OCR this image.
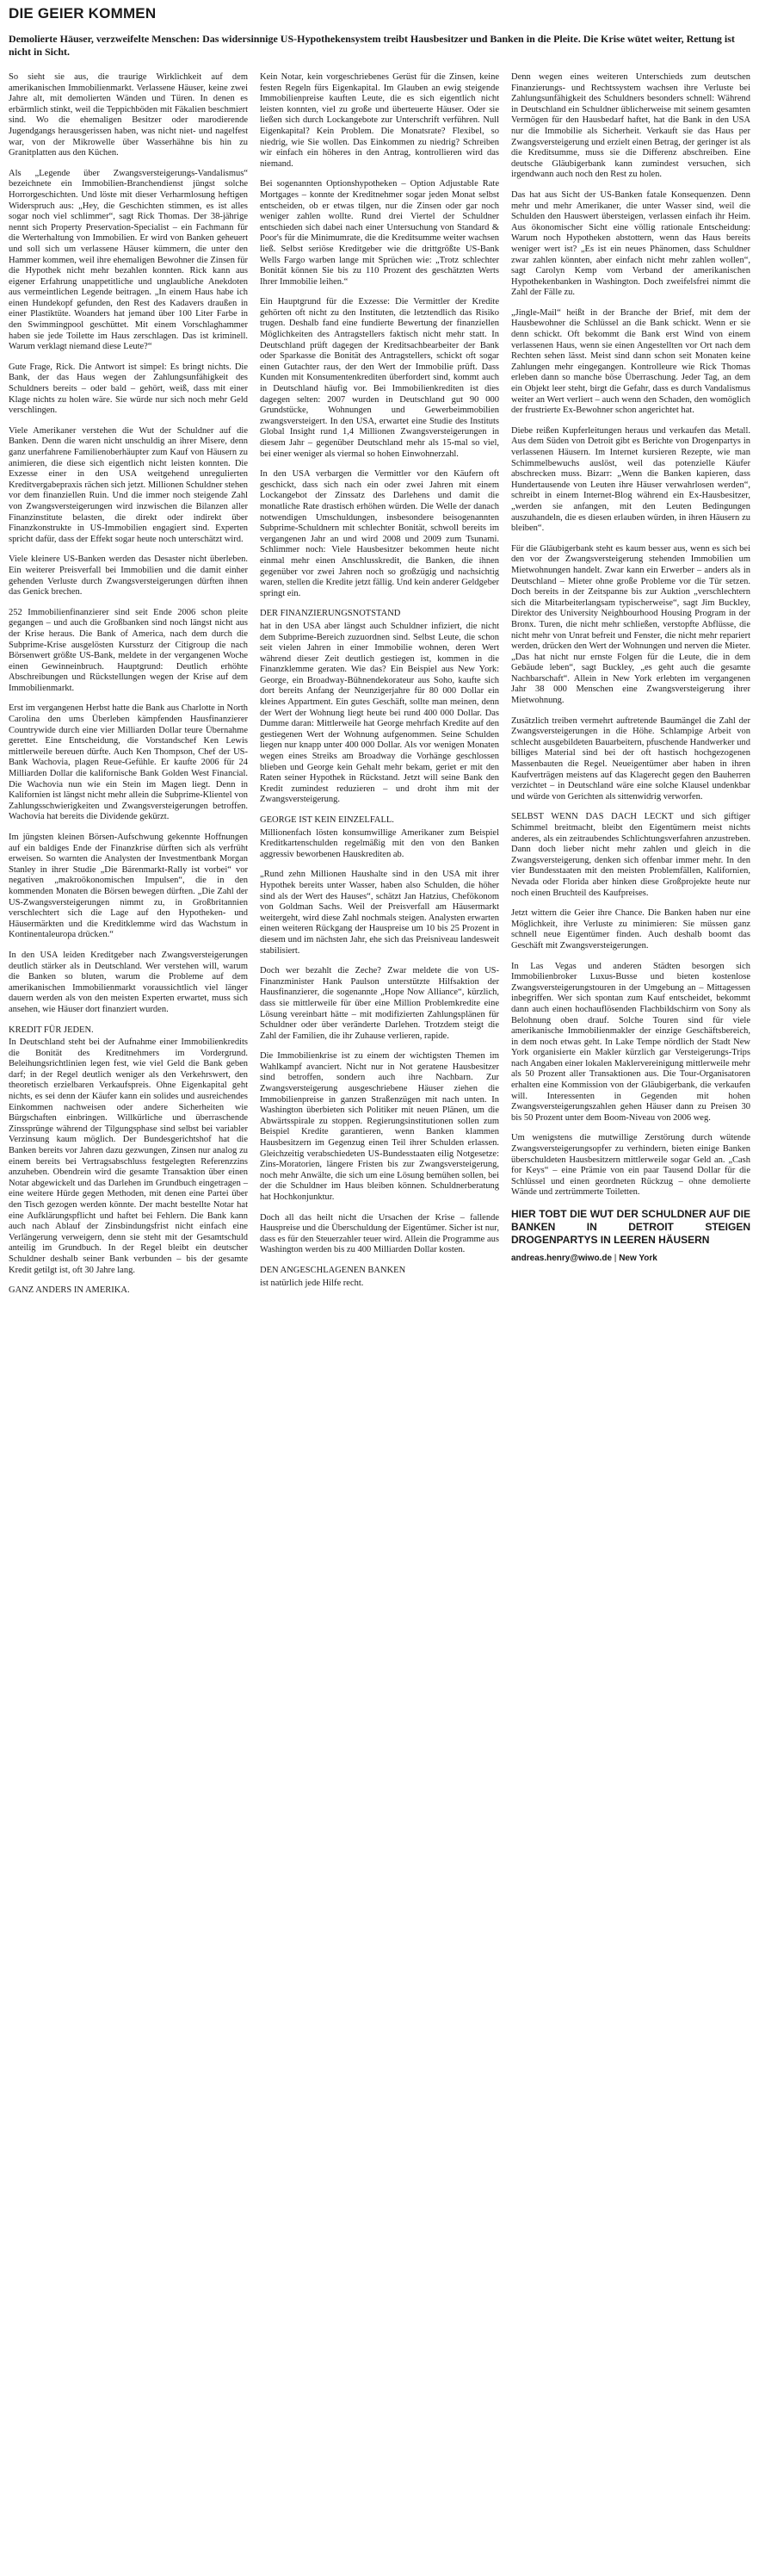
DIE GEIER KOMMEN
Demolierte Häuser, verzweifelte Menschen: Das widersinnige US-Hypothekensystem treibt Hausbesitzer und Banken in die Pleite. Die Krise wütet weiter, Rettung ist nicht in Sicht.

So sieht sie aus, die traurige Wirklichkeit auf dem amerikanischen Immobilienmarkt. Verlassene Häuser, keine zwei Jahre alt, mit demolierten Wänden und Türen. In denen es erbärmlich stinkt, weil die Teppichböden mit Fäkalien beschmiert sind. Wo die ehemaligen Besitzer oder marodierende Jugendgangs herausgerissen haben, was nicht niet- und nagelfest war, von der Mikrowelle über Wasserhähne bis hin zu Granitplatten aus den Küchen.

Als „Legende über Zwangsversteigerungs-Vandalismus“ bezeichnete ein Immobilien-Branchendienst jüngst solche Horrorgeschichten. Und löste mit dieser Verharmlosung heftigen Widerspruch aus: „Hey, die Geschichten stimmen, es ist alles sogar noch viel schlimmer“, sagt Rick Thomas. Der 38-jährige nennt sich Property Preservation-Specialist – ein Fachmann für die Werterhaltung von Immobilien. Er wird von Banken geheuert und soll sich um verlassene Häuser kümmern, die unter den Hammer kommen, weil ihre ehemaligen Bewohner die Zinsen für die Hypothek nicht mehr bezahlen konnten. Rick kann aus eigener Erfahrung unappetitliche und unglaubliche Anekdoten aus vermeintlichen Legende beitragen. „In einem Haus habe ich einen Hundekopf gefunden, den Rest des Kadavers draußen in einer Plastiktüte. Woanders hat jemand über 100 Liter Farbe in den Swimmingpool geschüttet. Mit einem Vorschlaghammer haben sie jede Toilette im Haus zerschlagen. Das ist kriminell. Warum verklagt niemand diese Leute?“

Gute Frage, Rick. Die Antwort ist simpel: Es bringt nichts. Die Bank, der das Haus wegen der Zahlungsunfähigkeit des Schuldners bereits – oder bald – gehört, weiß, dass mit einer Klage nichts zu holen wäre. Sie würde nur sich noch mehr Geld verschlingen.

Viele Amerikaner verstehen die Wut der Schuldner auf die Banken. Denn die waren nicht unschuldig an ihrer Misere, denn ganz unerfahrene Familienoberhäupter zum Kauf von Häusern zu animieren, die diese sich eigentlich nicht leisten konnten. Die Exzesse einer in den USA weitgehend unregulierten Kreditvergabepraxis rächen sich jetzt. Millionen Schuldner stehen vor dem finanziellen Ruin. Und die immer noch steigende Zahl von Zwangsversteigerungen wird inzwischen die Bilanzen aller Finanzinstitute belasten, die direkt oder indirekt über Finanzkonstrukte in US-Immobilien engagiert sind. Experten spricht dafür, dass der Effekt sogar heute noch unterschätzt wird.

Viele kleinere US-Banken werden das Desaster nicht überleben. Ein weiterer Preisverfall bei Immobilien und die damit einher gehenden Verluste durch Zwangsversteigerungen dürften ihnen das Genick brechen.

252 Immobilienfinanzierer sind seit Ende 2006 schon pleite gegangen – und auch die Großbanken sind noch längst nicht aus der Krise heraus. Die Bank of America, nach dem durch die Subprime-Krise ausgelösten Kurssturz der Citigroup die nach Börsenwert größte US-Bank, meldete in der vergangenen Woche einen Gewinneinbruch. Hauptgrund: Deutlich erhöhte Abschreibungen und Rückstellungen wegen der Krise auf dem Immobilienmarkt.

Erst im vergangenen Herbst hatte die Bank aus Charlotte in North Carolina den ums Überleben kämpfenden Hausfinanzierer Countrywide durch eine vier Milliarden Dollar teure Übernahme gerettet. Eine Entscheidung, die Vorstandschef Ken Lewis mittlerweile bereuen dürfte. Auch Ken Thompson, Chef der US-Bank Wachovia, plagen Reue-Gefühle. Er kaufte 2006 für 24 Milliarden Dollar die kalifornische Bank Golden West Financial. Die Wachovia nun wie ein Stein im Magen liegt. Denn in Kalifornien ist längst nicht mehr allein die Subprime-Klientel von Zahlungsschwierigkeiten und Zwangsversteigerungen betroffen. Wachovia hat bereits die Dividende gekürzt.

Im jüngsten kleinen Börsen-Aufschwung gekennte Hoffnungen auf ein baldiges Ende der Finanzkrise dürften sich als verfrüht erweisen. So warnten die Analysten der Investmentbank Morgan Stanley in ihrer Studie „Die Bärenmarkt-Rally ist vorbei“ vor negativen „makroökonomischen Impulsen“, die in den kommenden Monaten die Börsen bewegen dürften. „Die Zahl der US-Zwangsversteigerungen nimmt zu, in Großbritannien verschlechtert sich die Lage auf den Hypotheken- und Häusermärkten und die Kreditklemme wird das Wachstum in Kontinentaleuropa drücken.“

In den USA leiden Kreditgeber nach Zwangsversteigerungen deutlich stärker als in Deutschland. Wer verstehen will, warum die Banken so bluten, warum die Probleme auf dem amerikanischen Immobilienmarkt voraussichtlich viel länger dauern werden als von den meisten Experten erwartet, muss sich ansehen, wie Häuser dort finanziert wurden.

KREDIT FÜR JEDEN.

In Deutschland steht bei der Aufnahme einer Immobilienkredits die Bonität des Kreditnehmers im Vordergrund. Beleihungsrichtlinien legen fest, wie viel Geld die Bank geben darf; in der Regel deutlich weniger als den Verkehrswert, den theoretisch erzielbaren Verkaufspreis. Ohne Eigenkapital geht nichts, es sei denn der Käufer kann ein solides und ausreichendes Einkommen nachweisen oder andere Sicherheiten wie Bürgschaften einbringen. Willkürliche und überraschende Zinssprünge während der Tilgungsphase sind selbst bei variabler Verzinsung kaum möglich. Der Bundesgerichtshof hat die Banken bereits vor Jahren dazu gezwungen, Zinsen nur analog zu einem bereits bei Vertragsabschluss festgelegten Referenzzins anzuheben. Obendrein wird die gesamte Transaktion über einen Notar abgewickelt und das Darlehen im Grundbuch eingetragen – eine weitere Hürde gegen Methoden, mit denen eine Partei über den Tisch gezogen werden könnte. Der macht bestellte Notar hat eine Aufklärungspflicht und haftet bei Fehlern. Die Bank kann auch nach Ablauf der Zinsbindungsfrist nicht einfach eine Verlängerung verweigern, denn sie steht mit der Gesamtschuld anteilig im Grundbuch. In der Regel bleibt ein deutscher Schuldner deshalb seiner Bank verbunden – bis der gesamte Kredit getilgt ist, oft 30 Jahre lang.

GANZ ANDERS IN AMERIKA.

Kein Notar, kein vorgeschriebenes Gerüst für die Zinsen, keine festen Regeln fürs Eigenkapital. Im Glauben an ewig steigende Immobilienpreise kauften Leute, die es sich eigentlich nicht leisten konnten, viel zu große und überteuerte Häuser. Oder sie ließen sich durch Lockangebote zur Unterschrift verführen. Null Eigenkapital? Kein Problem. Die Monatsrate? Flexibel, so niedrig, wie Sie wollen. Das Einkommen zu niedrig? Schreiben wir einfach ein höheres in den Antrag, kontrollieren wird das niemand.

Bei sogenannten Optionshypotheken – Option Adjustable Rate Mortgages – konnte der Kreditnehmer sogar jeden Monat selbst entscheiden, ob er etwas tilgen, nur die Zinsen oder gar noch weniger zahlen wollte. Rund drei Viertel der Schuldner entschieden sich dabei nach einer Untersuchung von Standard & Poor's für die Minimumrate, die die Kreditsumme weiter wachsen ließ. Selbst seriöse Kreditgeber wie die drittgrößte US-Bank Wells Fargo warben lange mit Sprüchen wie: „Trotz schlechter Bonität können Sie bis zu 110 Prozent des geschätzten Werts Ihrer Immobilie leihen.“

Ein Hauptgrund für die Exzesse: Die Vermittler der Kredite gehörten oft nicht zu den Instituten, die letztendlich das Risiko trugen. Deshalb fand eine fundierte Bewertung der finanziellen Möglichkeiten des Antragstellers faktisch nicht mehr statt. In Deutschland prüft dagegen der Kreditsachbearbeiter der Bank oder Sparkasse die Bonität des Antragstellers, schickt oft sogar einen Gutachter raus, der den Wert der Immobilie prüft. Dass Kunden mit Konsumentenkrediten überfordert sind, kommt auch in Deutschland häufig vor. Bei Immobilienkrediten ist dies dagegen selten: 2007 wurden in Deutschland gut 90 000 Grundstücke, Wohnungen und Gewerbeimmobilien zwangsversteigert. In den USA, erwartet eine Studie des Instituts Global Insight rund 1,4 Millionen Zwangsversteigerungen in diesem Jahr – gegenüber Deutschland mehr als 15-mal so viel, bei einer weniger als viermal so hohen Einwohnerzahl.

In den USA verbargen die Vermittler vor den Käufern oft geschickt, dass sich nach ein oder zwei Jahren mit einem Lockangebot der Zinssatz des Darlehens und damit die monatliche Rate drastisch erhöhen würden. Die Welle der danach notwendigen Umschuldungen, insbesondere beisogenannten Subprime-Schuldnern mit schlechter Bonität, schwoll bereits im vergangenen Jahr an und wird 2008 und 2009 zum Tsunami. Schlimmer noch: Viele Hausbesitzer bekommen heute nicht einmal mehr einen Anschlusskredit, die Banken, die ihnen gegenüber vor zwei Jahren noch so großzügig und nachsichtig waren, stellen die Kredite jetzt fällig. Und kein anderer Geldgeber springt ein.

DER FINANZIERUNGSNOTSTAND

hat in den USA aber längst auch Schuldner infiziert, die nicht dem Subprime-Bereich zuzuordnen sind. Selbst Leute, die schon seit vielen Jahren in einer Immobilie wohnen, deren Wert während dieser Zeit deutlich gestiegen ist, kommen in die Finanzklemme geraten. Wie das? Ein Beispiel aus New York: George, ein Broadway-Bühnendekorateur aus Soho, kaufte sich dort bereits Anfang der Neunzigerjahre für 80 000 Dollar ein kleines Appartment. Ein gutes Geschäft, sollte man meinen, denn der Wert der Wohnung liegt heute bei rund 400 000 Dollar. Das Dumme daran: Mittlerweile hat George mehrfach Kredite auf den gestiegenen Wert der Wohnung aufgenommen. Seine Schulden liegen nur knapp unter 400 000 Dollar. Als vor wenigen Monaten wegen eines Streiks am Broadway die Vorhänge geschlossen blieben und George kein Gehalt mehr bekam, geriet er mit den Raten seiner Hypothek in Rückstand. Jetzt will seine Bank den Kredit zumindest reduzieren – und droht ihm mit der Zwangsversteigerung.

GEORGE IST KEIN EINZELFALL.

Millionenfach lösten konsumwillige Amerikaner zum Beispiel Kreditkartenschulden regelmäßig mit den von den Banken aggressiv beworbenen Hauskrediten ab.

„Rund zehn Millionen Haushalte sind in den USA mit ihrer Hypothek bereits unter Wasser, haben also Schulden, die höher sind als der Wert des Hauses“, schätzt Jan Hatzius, Chefökonom von Goldman Sachs. Weil der Preisverfall am Häusermarkt weitergeht, wird diese Zahl nochmals steigen. Analysten erwarten einen weiteren Rückgang der Hauspreise um 10 bis 25 Prozent in diesem und im nächsten Jahr, ehe sich das Preisniveau landesweit stabilisiert.

Doch wer bezahlt die Zeche? Zwar meldete die von US-Finanzminister Hank Paulson unterstützte Hilfsaktion der Hausfinanzierer, die sogenannte „Hope Now Alliance“, kürzlich, dass sie mittlerweile für über eine Million Problemkredite eine Lösung vereinbart hätte – mit modifizierten Zahlungsplänen für Schuldner oder über veränderte Darlehen. Trotzdem steigt die Zahl der Familien, die ihr Zuhause verlieren, rapide.

Die Immobilienkrise ist zu einem der wichtigsten Themen im Wahlkampf avanciert. Nicht nur in Not geratene Hausbesitzer sind betroffen, sondern auch ihre Nachbarn. Zur Zwangsversteigerung ausgeschriebene Häuser ziehen die Immobilienpreise in ganzen Straßenzügen mit nach unten. In Washington überbieten sich Politiker mit neuen Plänen, um die Abwärtsspirale zu stoppen. Regierungsinstitutionen sollen zum Beispiel Kredite garantieren, wenn Banken klammen Hausbesitzern im Gegenzug einen Teil ihrer Schulden erlassen. Gleichzeitig verabschiedeten US-Bundesstaaten eilig Notgesetze: Zins-Moratorien, längere Fristen bis zur Zwangsversteigerung, noch mehr Anwälte, die sich um eine Lösung bemühen sollen, bei der die Schuldner im Haus bleiben können. Schuldnerberatung hat Hochkonjunktur.

Doch all das heilt nicht die Ursachen der Krise – fallende Hauspreise und die Überschuldung der Eigentümer. Sicher ist nur, dass es für den Steuerzahler teuer wird. Allein die Programme aus Washington werden bis zu 400 Milliarden Dollar kosten.

DEN ANGESCHLAGENEN BANKEN

ist natürlich jede Hilfe recht.

Denn wegen eines weiteren Unterschieds zum deutschen Finanzierungs- und Rechtssystem wachsen ihre Verluste bei Zahlungsunfähigkeit des Schuldners besonders schnell: Während in Deutschland ein Schuldner üblicherweise mit seinem gesamten Vermögen für den Hausbedarf haftet, hat die Bank in den USA nur die Immobilie als Sicherheit. Verkauft sie das Haus per Zwangsversteigerung und erzielt einen Betrag, der geringer ist als die Kreditsumme, muss sie die Differenz abschreiben. Eine deutsche Gläubigerbank kann zumindest versuchen, sich irgendwann auch noch den Rest zu holen.

Das hat aus Sicht der US-Banken fatale Konsequenzen. Denn mehr und mehr Amerikaner, die unter Wasser sind, weil die Schulden den Hauswert übersteigen, verlassen einfach ihr Heim. Aus ökonomischer Sicht eine völlig rationale Entscheidung: Warum noch Hypotheken abstottern, wenn das Haus bereits weniger wert ist? „Es ist ein neues Phänomen, dass Schuldner zwar zahlen könnten, aber einfach nicht mehr zahlen wollen“, sagt Carolyn Kemp vom Verband der amerikanischen Hypothekenbanken in Washington. Doch zweifelsfrei nimmt die Zahl der Fälle zu.

„Jingle-Mail“ heißt in der Branche der Brief, mit dem der Hausbewohner die Schlüssel an die Bank schickt. Wenn er sie denn schickt. Oft bekommt die Bank erst Wind von einem verlassenen Haus, wenn sie einen Angestellten vor Ort nach dem Rechten sehen lässt. Meist sind dann schon seit Monaten keine Zahlungen mehr eingegangen. Kontrolleure wie Rick Thomas erleben dann so manche böse Überraschung. Jeder Tag, an dem ein Objekt leer steht, birgt die Gefahr, dass es durch Vandalismus weiter an Wert verliert – auch wenn den Schaden, den womöglich der frustrierte Ex-Bewohner schon angerichtet hat.

Diebe reißen Kupferleitungen heraus und verkaufen das Metall. Aus dem Süden von Detroit gibt es Berichte von Drogenpartys in verlassenen Häusern. Im Internet kursieren Rezepte, wie man Schimmelbewuchs auslöst, weil das potenzielle Käufer abschrecken muss. Bizarr: „Wenn die Banken kapieren, dass Hundertausende von Leuten ihre Häuser verwahrlosen werden“, schreibt in einem Internet-Blog während ein Ex-Hausbesitzer, „werden sie anfangen, mit den Leuten Bedingungen auszuhandeln, die es diesen erlauben würden, in ihren Häusern zu bleiben“.

Für die Gläubigerbank steht es kaum besser aus, wenn es sich bei den vor der Zwangsversteigerung stehenden Immobilien um Mietwohnungen handelt. Zwar kann ein Erwerber – anders als in Deutschland – Mieter ohne große Probleme vor die Tür setzen. Doch bereits in der Zeitspanne bis zur Auktion „verschlechtern sich die Mitarbeiterlangsam typischerweise“, sagt Jim Buckley, Direktor des University Neighbourhood Housing Program in der Bronx. Turen, die nicht mehr schließen, verstopfte Abflüsse, die nicht mehr von Unrat befreit und Fenster, die nicht mehr repariert werden, drücken den Wert der Wohnungen und nerven die Mieter. „Das hat nicht nur ernste Folgen für die Leute, die in dem Gebäude leben“, sagt Buckley, „es geht auch die gesamte Nachbarschaft“. Allein in New York erlebten im vergangenen Jahr 38 000 Menschen eine Zwangsversteigerung ihrer Mietwohnung.

Zusätzlich treiben vermehrt auftretende Baumängel die Zahl der Zwangsversteigerungen in die Höhe. Schlampige Arbeit von schlecht ausgebildeten Bauarbeitern, pfuschende Handwerker und billiges Material sind bei der oft hastisch hochgezogenen Massenbauten die Regel. Neueigentümer aber haben in ihren Kaufverträgen meistens auf das Klagerecht gegen den Bauherren verzichtet – in Deutschland wäre eine solche Klausel undenkbar und würde von Gerichten als sittenwidrig verworfen.

SELBST WENN DAS DACH LECKT und sich giftiger Schimmel breitmacht, bleibt den Eigentümern meist nichts anderes, als ein zeitraubendes Schlichtungsverfahren anzustreben. Dann doch lieber nicht mehr zahlen und gleich in die Zwangsversteigerung, denken sich offenbar immer mehr. In den vier Bundesstaaten mit den meisten Problemfällen, Kalifornien, Nevada oder Florida aber hinken diese Großprojekte heute nur noch einen Bruchteil des Kaufpreises.

Jetzt wittern die Geier ihre Chance. Die Banken haben nur eine Möglichkeit, ihre Verluste zu minimieren: Sie müssen ganz schnell neue Eigentümer finden. Auch deshalb boomt das Geschäft mit Zwangsversteigerungen.

In Las Vegas und anderen Städten besorgen sich Immobilienbroker Luxus-Busse und bieten kostenlose Zwangsversteigerungstouren in der Umgebung an – Mittagessen inbegriffen. Wer sich spontan zum Kauf entscheidet, bekommt dann auch einen hochauflösenden Flachbildschirm von Sony als Belohnung oben drauf. Solche Touren sind für viele amerikanische Immobilienmakler der einzige Geschäftsbereich, in dem noch etwas geht. In Lake Tempe nördlich der Stadt New York organisierte ein Makler kürzlich gar Versteigerungs-Trips nach Angaben einer lokalen Maklervereinigung mittlerweile mehr als 50 Prozent aller Transaktionen aus. Die Tour-Organisatoren erhalten eine Kommission von der Gläubigerbank, die verkaufen will. Interessenten in Gegenden mit hohen Zwangsversteigerungszahlen gehen Häuser dann zu Preisen 30 bis 50 Prozent unter dem Boom-Niveau von 2006 weg.

Um wenigstens die mutwillige Zerstörung durch wütende Zwangsversteigerungsopfer zu verhindern, bieten einige Banken überschuldeten Hausbesitzern mittlerweile sogar Geld an. „Cash for Keys“ – eine Prämie von ein paar Tausend Dollar für die Schlüssel und einen geordneten Rückzug – ohne demolierte Wände und zertrümmerte Toiletten.

HIER TOBT DIE WUT DER SCHULDNER AUF DIE BANKEN IN DETROIT STEIGEN DROGENPARTYS IN LEEREN HÄUSERN
andreas.henry@wiwo.de | New York
